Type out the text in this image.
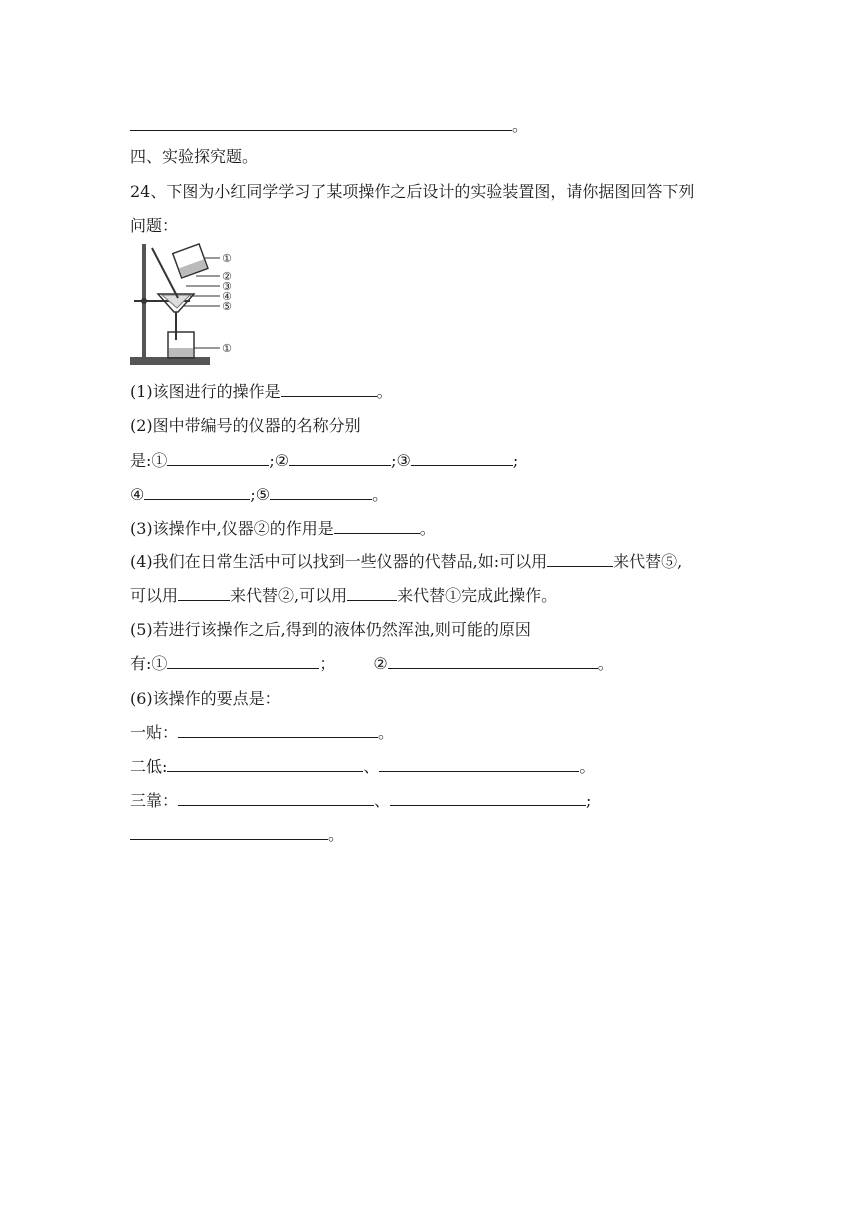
。
四、实验探究题。
24、下图为小红同学学习了某项操作之后设计的实验装置图，请你据图回答下列
问题：
①
②
③
④
⑤
①
(1)该图进行的操作是	。
(2)图中带编号的仪器的名称分别
是:①	;②	;③	;
④	;⑤	。
(3)该操作中,仪器②的作用是	。
(4)我们在日常生活中可以找到一些仪器的代替品,如:可以用	来代替⑤,
可以用	来代替②,可以用	来代替①完成此操作。
(5)若进行该操作之后,得到的液体仍然浑浊,则可能的原因
有:①	； ②	。
(6)该操作的要点是：
一贴：	。
二低:	、	。
三靠：	、	;
。
